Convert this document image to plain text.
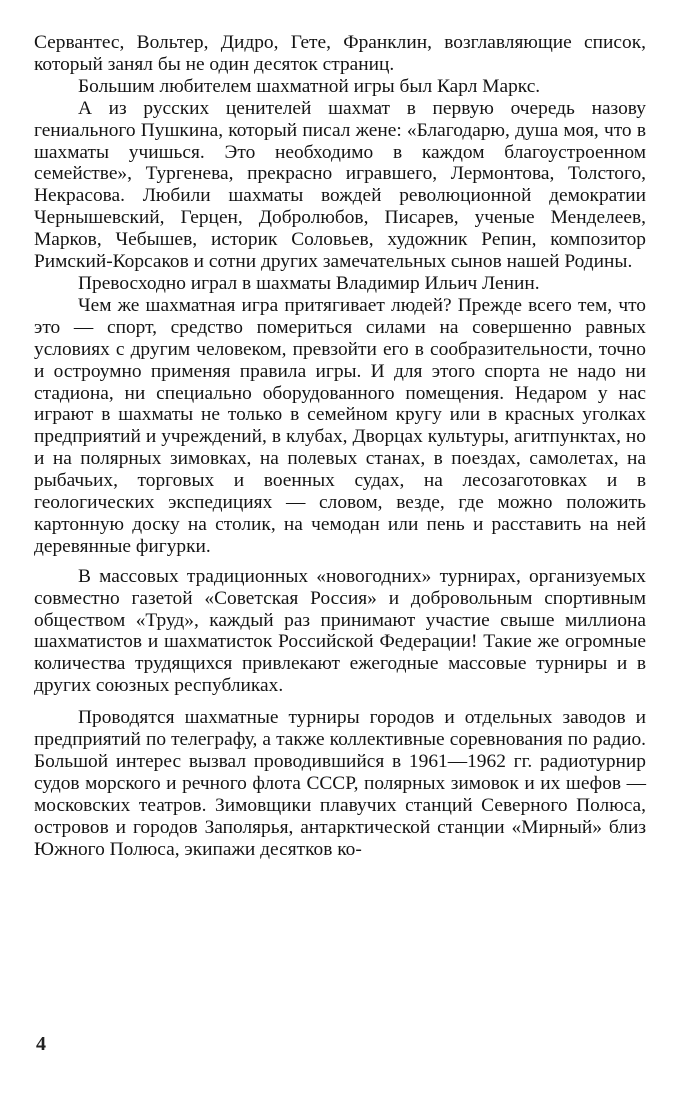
Сервантес, Вольтер, Дидро, Гете, Франклин, возглавляющие список, который занял бы не один десяток страниц.

Большим любителем шахматной игры был Карл Маркс.

А из русских ценителей шахмат в первую очередь назову гениального Пушкина, который писал жене: «Благодарю, душа моя, что в шахматы учишься. Это необходимо в каждом благоустроенном семействе», Тургенева, прекрасно игравшего, Лермонтова, Толстого, Некрасова. Любили шахматы вождей революционной демократии Чернышевский, Герцен, Добролюбов, Писарев, ученые Менделеев, Марков, Чебышев, историк Соловьев, художник Репин, композитор Римский-Корсаков и сотни других замечательных сынов нашей Родины.

Превосходно играл в шахматы Владимир Ильич Ленин.

Чем же шахматная игра притягивает людей? Прежде всего тем, что это — спорт, средство помериться силами на совершенно равных условиях с другим человеком, превзойти его в сообразительности, точно и остроумно применяя правила игры. И для этого спорта не надо ни стадиона, ни специально оборудованного помещения. Недаром у нас играют в шахматы не только в семейном кругу или в красных уголках предприятий и учреждений, в клубах, Дворцах культуры, агитпунктах, но и на полярных зимовках, на полевых станах, в поездах, самолетах, на рыбачьих, торговых и военных судах, на лесозаготовках и в геологических экспедициях — словом, везде, где можно положить картонную доску на столик, на чемодан или пень и расставить на ней деревянные фигурки.

В массовых традиционных «новогодних» турнирах, организуемых совместно газетой «Советская Россия» и добровольным спортивным обществом «Труд», каждый раз принимают участие свыше миллиона шахматистов и шахматисток Российской Федерации! Такие же огромные количества трудящихся привлекают ежегодные массовые турниры и в других союзных республиках.

Проводятся шахматные турниры городов и отдельных заводов и предприятий по телеграфу, а также коллективные соревнования по радио. Большой интерес вызвал проводившийся в 1961—1962 гг. радиотурнир судов морского и речного флота СССР, полярных зимовок и их шефов — московских театров. Зимовщики плавучих станций Северного Полюса, островов и городов Заполярья, антарктической станции «Мирный» близ Южного Полюса, экипажи десятков ко-

4
